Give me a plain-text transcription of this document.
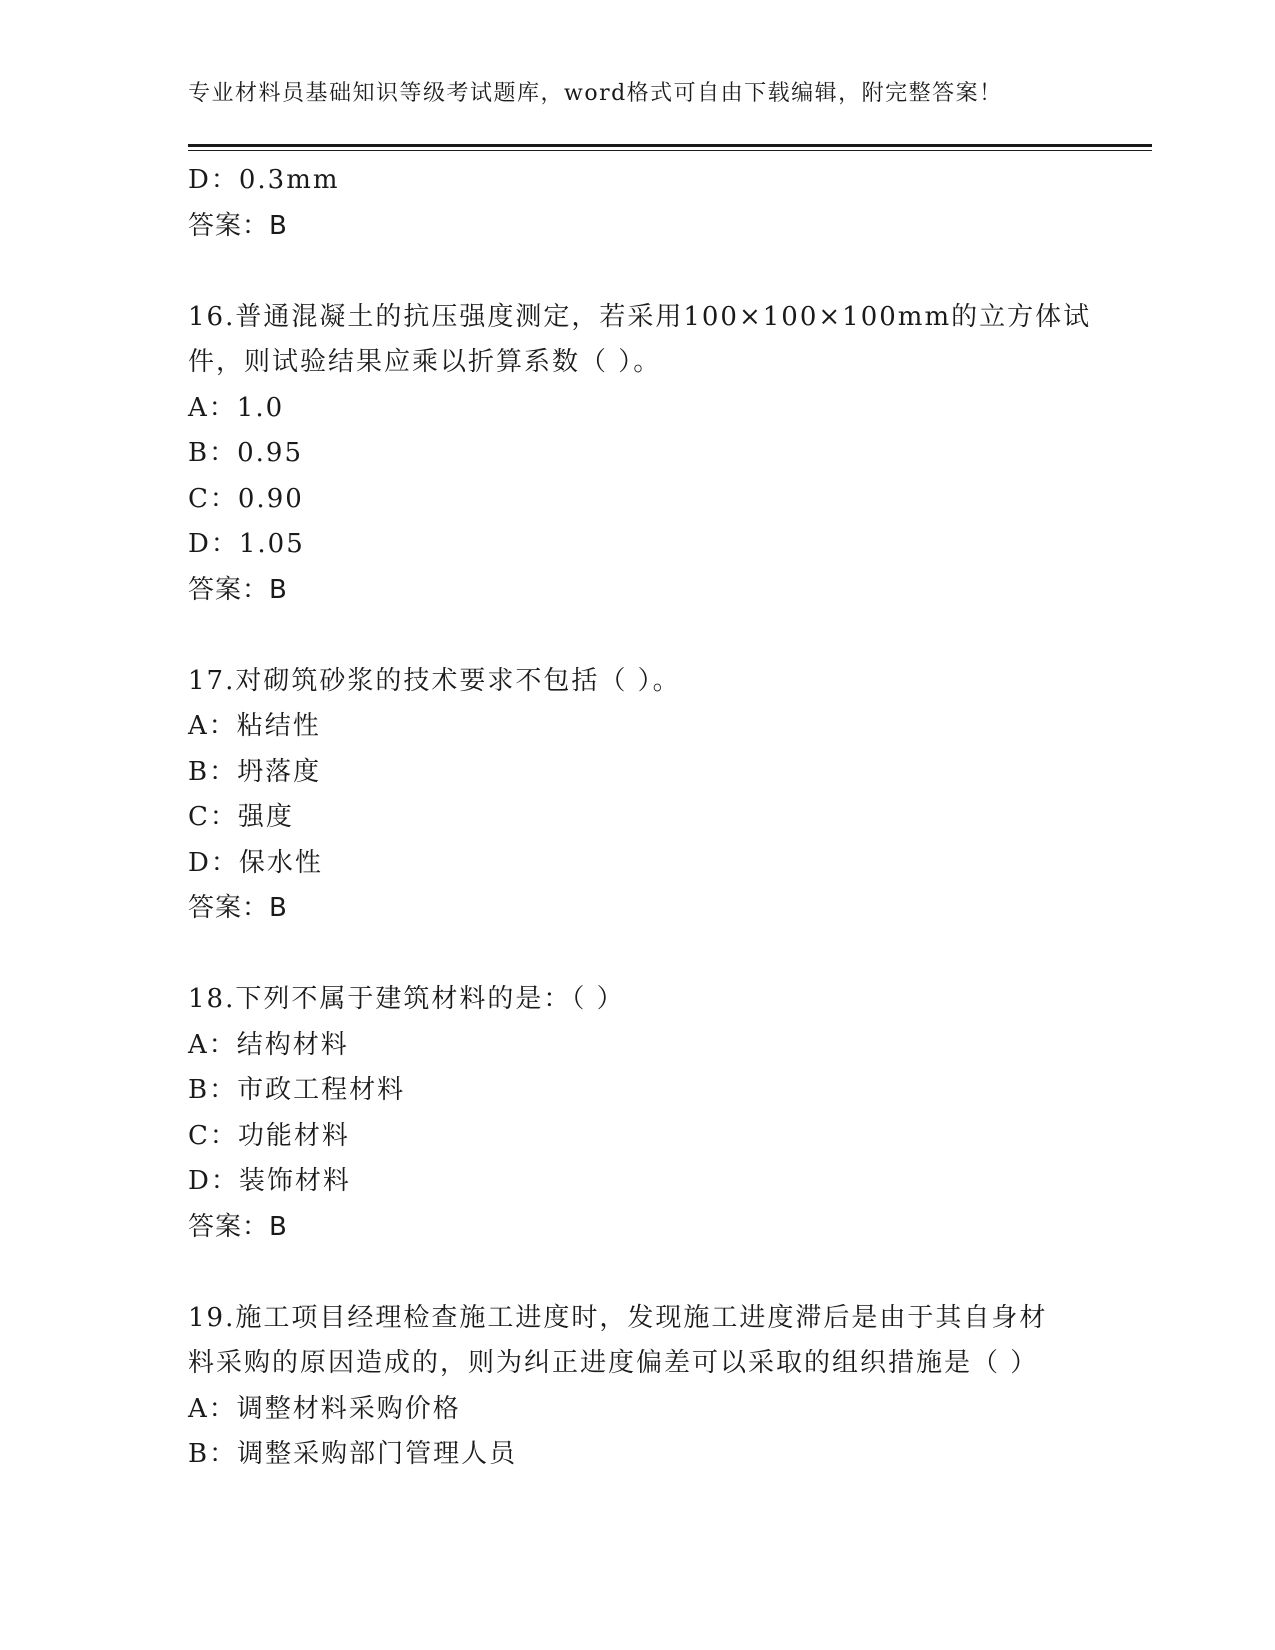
专业材料员基础知识等级考试题库，word格式可自由下载编辑，附完整答案！
D：0.3mm
答案：B
16.普通混凝土的抗压强度测定，若采用100×100×100mm的立方体试
件，则试验结果应乘以折算系数（ ）。
A：1.0
B：0.95
C：0.90
D：1.05
答案：B
17.对砌筑砂浆的技术要求不包括（ ）。
A：粘结性
B：坍落度
C：强度
D：保水性
答案：B
18.下列不属于建筑材料的是：（ ）
A：结构材料
B：市政工程材料
C：功能材料
D：装饰材料
答案：B
19.施工项目经理检查施工进度时，发现施工进度滞后是由于其自身材
料采购的原因造成的，则为纠正进度偏差可以采取的组织措施是（ ）
A：调整材料采购价格
B：调整采购部门管理人员
